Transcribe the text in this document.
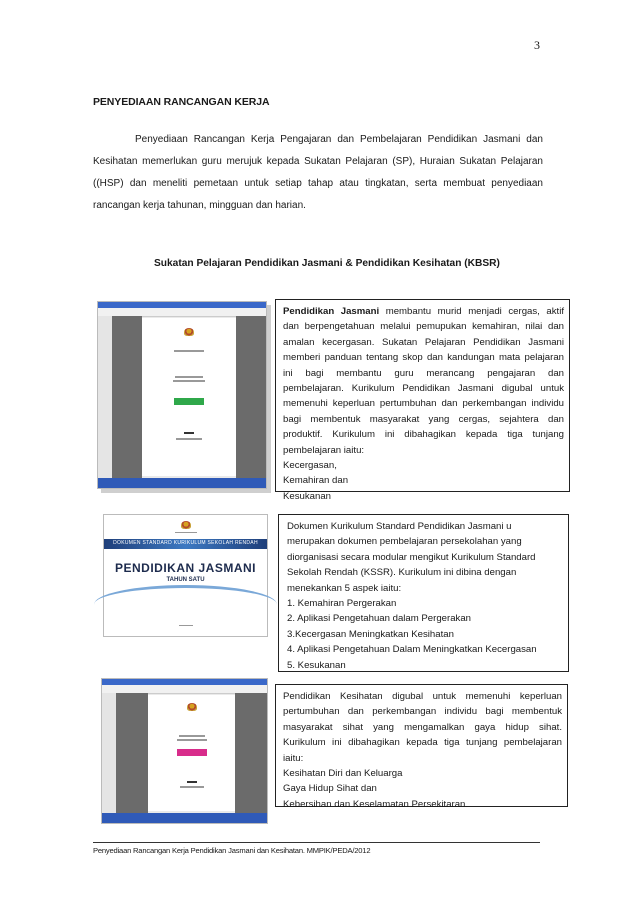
3
PENYEDIAAN RANCANGAN KERJA
Penyediaan Rancangan Kerja Pengajaran dan Pembelajaran Pendidikan Jasmani dan
Kesihatan memerlukan guru merujuk kepada Sukatan Pelajaran (SP), Huraian Sukatan Pelajaran
((HSP) dan meneliti pemetaan untuk setiap tahap atau tingkatan, serta membuat penyediaan
rancangan kerja tahunan, mingguan dan harian.
Sukatan Pelajaran Pendidikan Jasmani & Pendidikan Kesihatan (KBSR)
Pendidikan Jasmani membantu murid menjadi cergas, aktif
dan berpengetahuan melalui pemupukan kemahiran, nilai dan
amalan kecergasan. Sukatan Pelajaran Pendidikan Jasmani
memberi panduan tentang skop dan kandungan mata pelajaran
ini bagi membantu guru merancang pengajaran dan
pembelajaran. Kurikulum Pendidikan Jasmani digubal untuk
memenuhi keperluan pertumbuhan dan perkembangan individu
bagi membentuk masyarakat yang cergas, sejahtera dan
produktif. Kurikulum ini dibahagikan kepada tiga tunjang
pembelajaran iaitu:
Kecergasan,
Kemahiran dan
Kesukanan
DOKUMEN STANDARD KURIKULUM SEKOLAH RENDAH
PENDIDIKAN JASMANI
TAHUN SATU
Dokumen Kurikulum Standard Pendidikan Jasmani u
merupakan dokumen pembelajaran persekolahan yang
diorganisasi secara modular mengikut Kurikulum Standard
Sekolah Rendah (KSSR). Kurikulum ini dibina dengan
menekankan 5 aspek iaitu:
1. Kemahiran Pergerakan
2. Aplikasi Pengetahuan dalam Pergerakan
3.Kecergasan Meningkatkan Kesihatan
4. Aplikasi Pengetahuan Dalam Meningkatkan Kecergasan
5. Kesukanan
Pendidikan Kesihatan digubal untuk memenuhi keperluan
pertumbuhan dan perkembangan individu bagi membentuk
masyarakat sihat yang mengamalkan gaya hidup sihat.
Kurikulum ini dibahagikan kepada tiga tunjang pembelajaran
iaitu:
Kesihatan Diri dan Keluarga
Gaya Hidup Sihat dan
Kebersihan dan Keselamatan Persekitaran.
Penyediaan Rancangan Kerja Pendidikan Jasmani dan Kesihatan. MMPIK/PEDA/2012
